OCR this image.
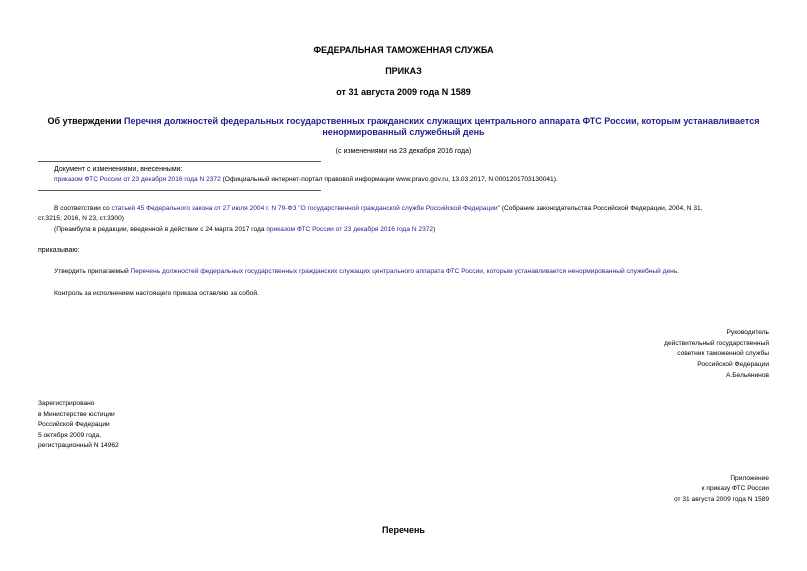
ФЕДЕРАЛЬНАЯ ТАМОЖЕННАЯ СЛУЖБА
ПРИКАЗ
от 31 августа 2009 года N 1589
Об утверждении Перечня должностей федеральных государственных гражданских служащих центрального аппарата ФТС России, которым устанавливается
ненормированный служебный день
(с изменениями на 23 декабря 2016 года)
Документ с изменениями, внесенными:
приказом ФТС России от 23 декабря 2016 года N 2372 (Официальный интернет-портал правовой информации www.pravo.gov.ru, 13.03.2017, N 0001201703130041).
В соответствии со статьей 45 Федерального закона от 27 июля 2004 г. N 79-ФЗ "О государственной гражданской службе Российской Федерации" (Собрание законодательства Российской Федерации, 2004, N 31,
ст.3215; 2016, N 23, ст.3300)
(Преамбула в редакции, введенной в действие с 24 марта 2017 года приказом ФТС России от 23 декабря 2016 года N 2372)
приказываю:
Утвердить прилагаемый Перечень должностей федеральных государственных гражданских служащих центрального аппарата ФТС России, которым устанавливается ненормированный служебный день.
Контроль за исполнением настоящего приказа оставляю за собой.
Руководитель
действительный государственный
советник таможенной службы
Российской Федерации
А.Бельянинов
Зарегистрировано
в Министерстве юстиции
Российской Федерации
5 октября 2009 года,
регистрационный N 14962
Приложение
к приказу ФТС России
от 31 августа 2009 года N 1589
Перечень
